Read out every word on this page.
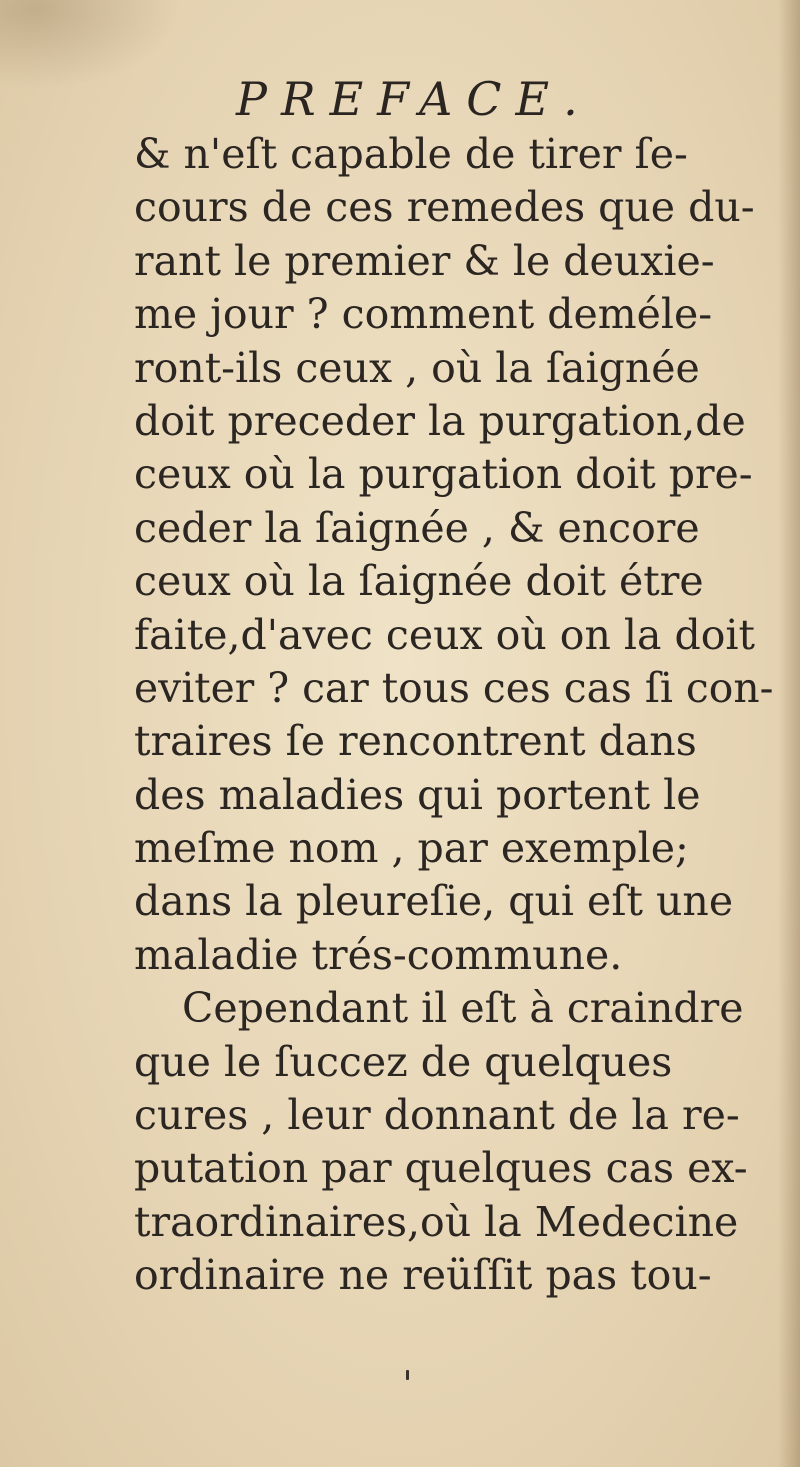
PREFACE.
& n'eſt capable de tirer ſe-
cours de ces remedes que du-
rant le premier & le deuxie-
me jour ? comment deméle-
ront-ils ceux , où la ſaignée
doit preceder la purgation,de
ceux où la purgation doit pre-
ceder la ſaignée , & encore
ceux où la ſaignée doit étre
faite,d'avec ceux où on la doit
eviter ? car tous ces cas ſi con-
traires ſe rencontrent dans
des maladies qui portent le
meſme nom , par exemple;
dans la pleureſie, qui eſt une
maladie trés-commune.
Cependant il eſt à craindre
que le ſuccez de quelques
cures , leur donnant de la re-
putation par quelques cas ex-
traordinaires,où la Medecine
ordinaire ne reüſſit pas tou-
